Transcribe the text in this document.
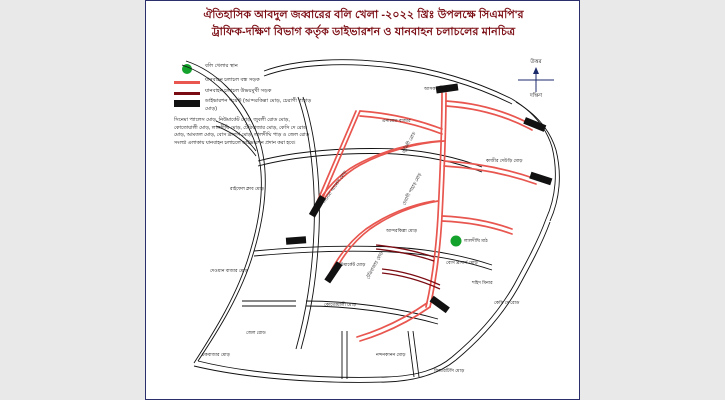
ঐতিহাসিক আবদুল জব্বারের বলি খেলা -২০২২ খ্রিঃ উপলক্ষে সিএমপি'র
ট্রাফিক-দক্ষিণ বিভাগ কর্তৃক ডাইভারশন ও যানবাহন চলাচলের মানচিত্র
বলি খেলার স্থান
যানবাহন চলাচল বন্ধ সড়ক
যানবাহন চলাচল উভয়মুখী সড়ক
ডাইভারশন পয়েন্ট (আন্দরকিল্লা মোড়, চেরাগী পাহাড় মোড়)
সিনেমা প্যালেস মোড়, নিউমার্কেট মোড়, জুবলী রোড মোড়, কোতোয়ালী মোড়, লালদীঘি মোড়, টেরিবাজার মোড়, কেসি দে রোড মোড়, আমতল মোড়, বোস ব্রাদার্স মোড়, লালদীঘি পাড় ও জেল রোড সংলগ্ন এলাকায় যানবাহন চলাচলে ডাইভারশন প্রদান করা হবে।
উত্তর
দক্ষিণ
আসকারদীঘি মোড়
কাজীর দেউড়ি মোড়
এনায়েত বাজার
জুবিলী রোড
চেরাগী পাহাড় মোড়
আন্দরকিল্লা মোড়
লালদীঘি মাঠ
সিনেমা প্যালেস মোড়
নিউমার্কেট মোড়
কোতোয়ালী মোড়
টেরিবাজার মোড়	বোস ব্রাদার্স মোড়
শহিদ মিনার
কেসি দে রোড
জেল রোড
নন্দনকানন মোড়
রাইফেল ক্লাব মোড়
দেওয়ান বাজার মোড়
চকবাজার মোড়
বিআরটিসি মোড়
